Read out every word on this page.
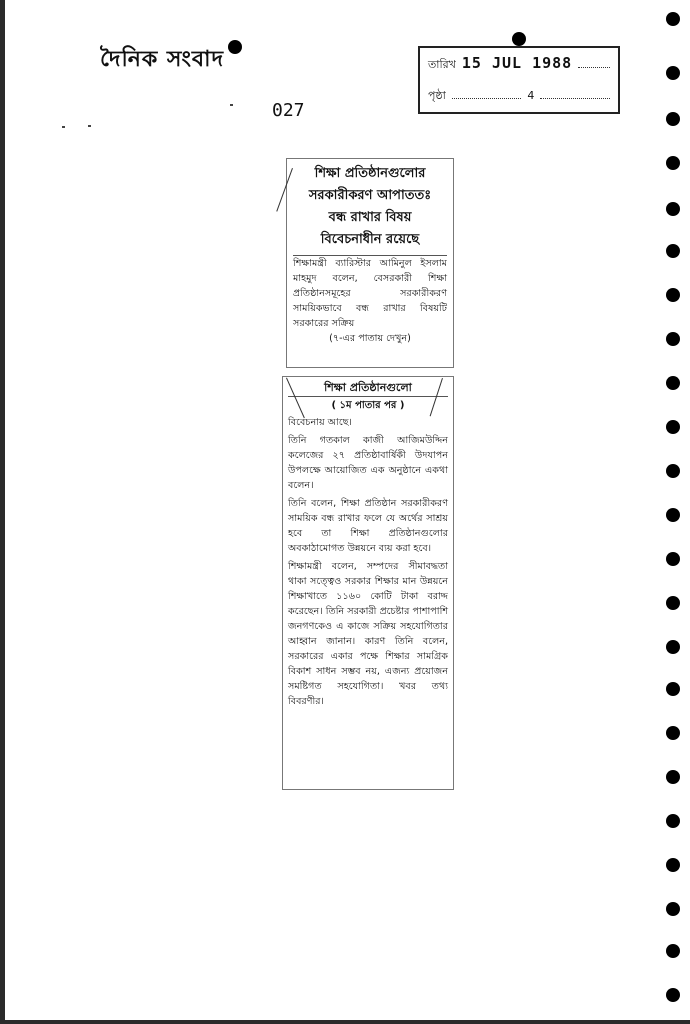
দৈনিক সংবাদ	তারিখ 15 JUL 1988
পৃষ্ঠা	4
027
শিক্ষা প্রতিষ্ঠানগুলোর
সরকারীকরণ আপাততঃ
বন্ধ রাখার বিষয়
বিবেচনাধীন রয়েছে
শিক্ষামন্ত্রী ব্যারিস্টার আমিনুল ইসলাম মাহমুদ বলেন, বেসরকারী শিক্ষা প্রতিষ্ঠানসমূহের সরকারীকরণ সাময়িকভাবে বন্ধ রাখার বিষয়টি সরকারের সক্রিয়
(৭-এর পাতায় দেখুন)
শিক্ষা প্রতিষ্ঠানগুলো
( ১ম পাতার পর )

বিবেচনায় আছে।

তিনি গতকাল কাজী আজিমউদ্দিন কলেজের ২৭ প্রতিষ্ঠাবার্ষিকী উদযাপন উপলক্ষে আয়োজিত এক অনুষ্ঠানে একথা বলেন।

তিনি বলেন, শিক্ষা প্রতিষ্ঠান সরকারীকরণ সাময়িক বন্ধ রাখার ফলে যে অর্থের সাশ্রয় হবে তা শিক্ষা প্রতিষ্ঠানগুলোর অবকাঠামোগত উন্নয়নে ব্যয় করা হবে।

শিক্ষামন্ত্রী বলেন, সম্পদের সীমাবদ্ধতা থাকা সত্ত্বেও সরকার শিক্ষার মান উন্নয়নে শিক্ষাখাতে ১১৬০ কোটি টাকা বরাদ্দ করেছেন। তিনি সরকারী প্রচেষ্টার পাশাপাশি জনগণকেও এ কাজে সক্রিয় সহযোগিতার আহ্বান জানান। কারণ তিনি বলেন, সরকারের একার পক্ষে শিক্ষার সামগ্রিক বিকাশ সাধন সম্ভব নয়, এজন্য প্রয়োজন সমষ্টিগত সহযোগিতা। খবর তথ্য বিবরণীর।
